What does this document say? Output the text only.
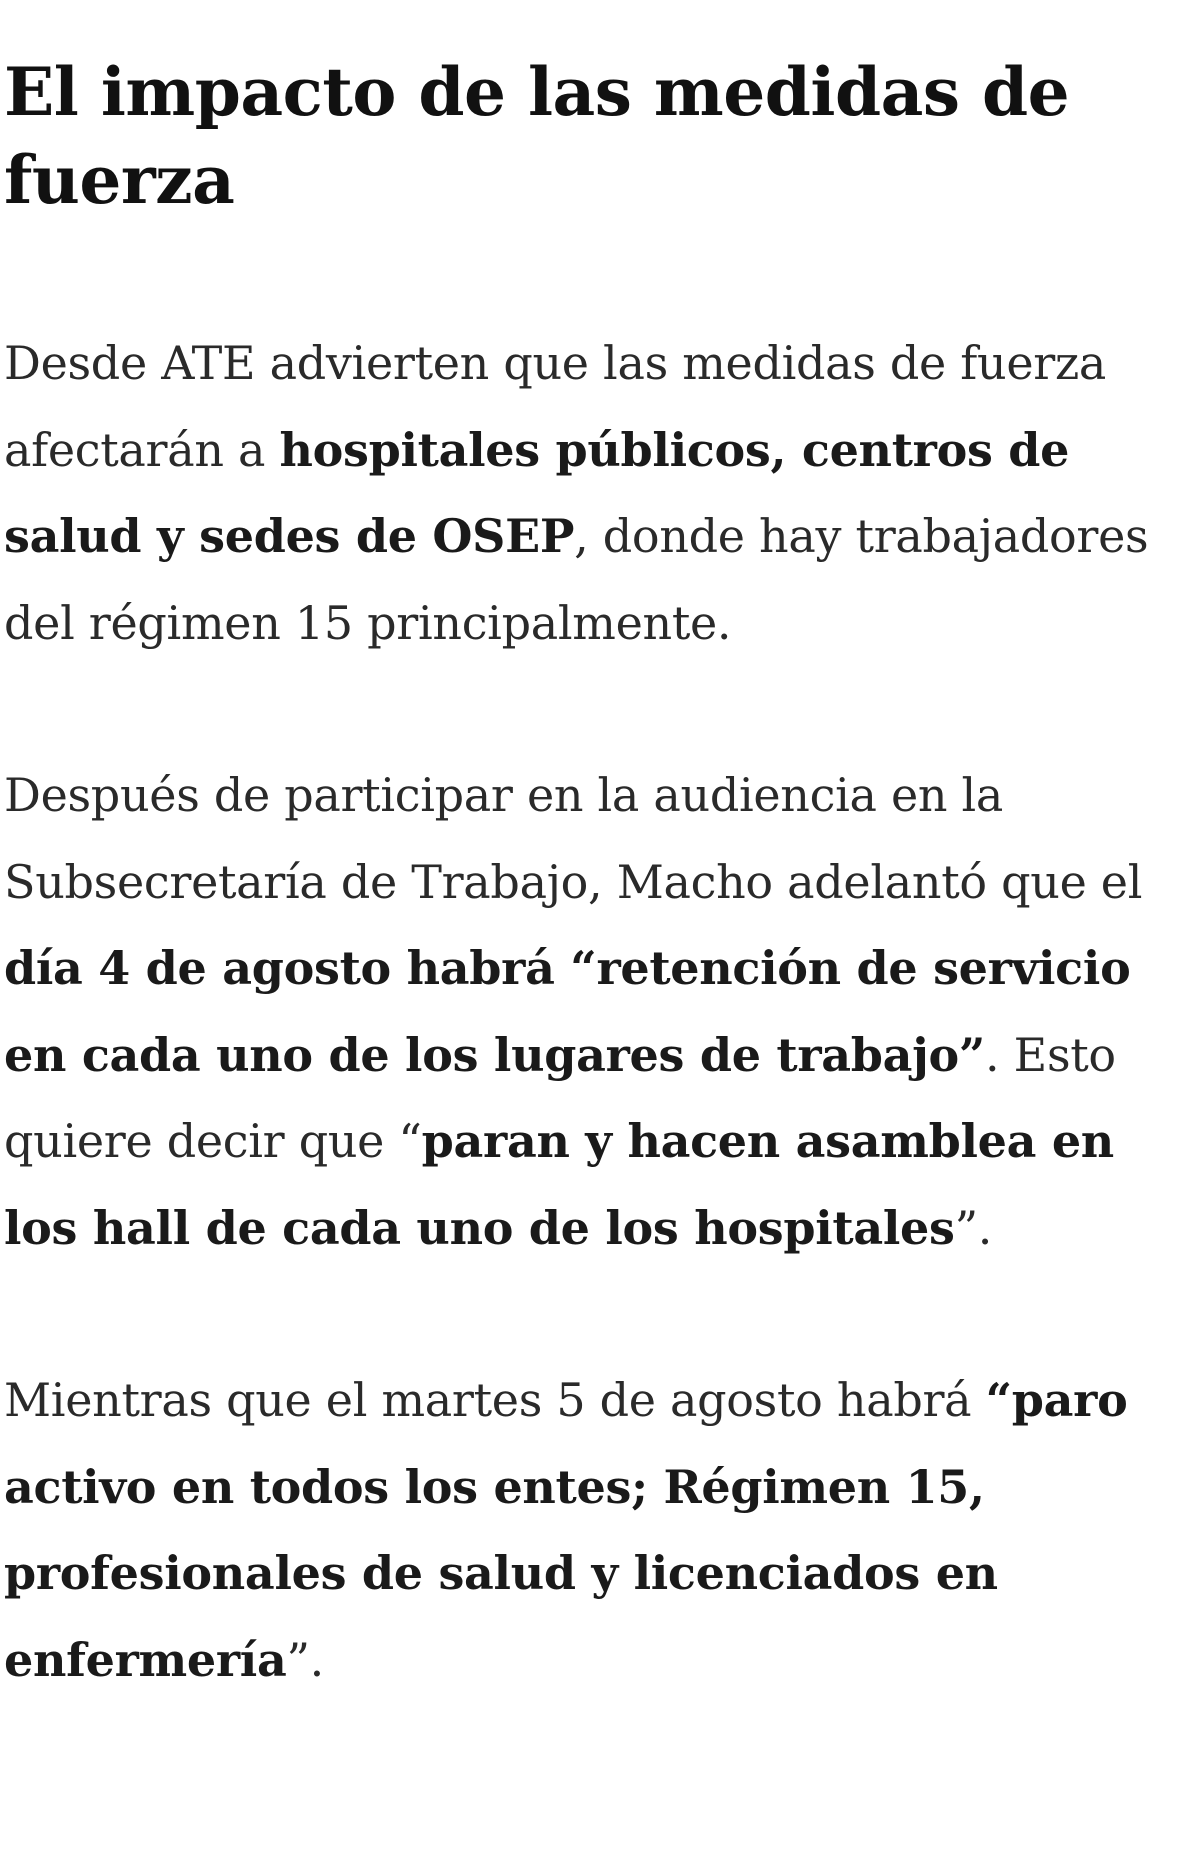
El impacto de las medidas de fuerza

Desde ATE advierten que las medidas de fuerza afectarán a hospitales públicos, centros de salud y sedes de OSEP, donde hay trabajadores del régimen 15 principalmente.

Después de participar en la audiencia en la Subsecretaría de Trabajo, Macho adelantó que el día 4 de agosto habrá “retención de servicio en cada uno de los lugares de trabajo”. Esto quiere decir que “paran y hacen asamblea en los hall de cada uno de los hospitales”.

Mientras que el martes 5 de agosto habrá “paro activo en todos los entes; Régimen 15, profesionales de salud y licenciados en enfermería”.
